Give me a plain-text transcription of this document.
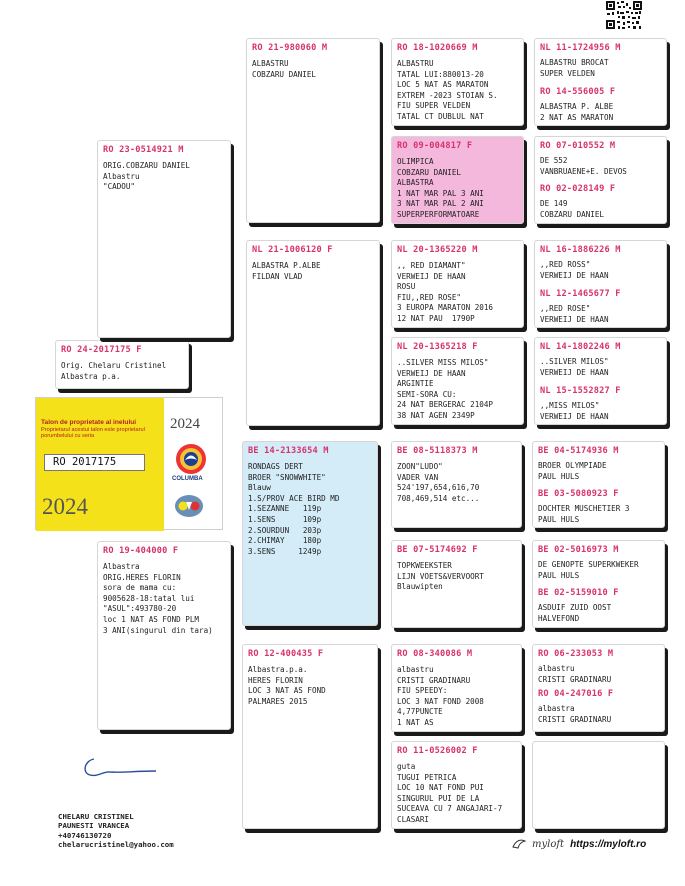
RO 24-2017175 F
Orig. Chelaru Cristinel
Albastra p.a.
RO 23-0514921 M
ORIG.COBZARU DANIEL
Albastru
"CADOU"
RO 19-404000 F
Albastra
ORIG.HERES FLORIN
sora de mama cu:
9005628-18:tatal lui
"ASUL":493780-20
loc 1 NAT AS FOND PLM
3 ANI(singurul din tara)
RO 21-980060 M
ALBASTRU
COBZARU DANIEL
NL 21-1006120 F
ALBASTRA P.ALBE
FILDAN VLAD
BE 14-2133654 M
RONDAGS DERT
BROER "SNOWWHITE"
Blauw
1.S/PROV ACE BIRD MD
1.SEZANNE   119p
1.SENS      109p
2.SOURDUN   203p
2.CHIMAY    180p
3.SENS     1249p
RO 12-400435 F
Albastra.p.a.
HERES FLORIN
LOC 3 NAT AS FOND
PALMARES 2015
RO 18-1020669 M
ALBASTRU
TATAL LUI:880013-20
LOC 5 NAT AS MARATON
EXTREM -2023 STOIAN S.
FIU SUPER VELDEN
TATAL CT DUBLUL NAT
RO 09-004817 F
OLIMPICA
COBZARU DANIEL
ALBASTRA
1 NAT MAR PAL 3 ANI
3 NAT MAR PAL 2 ANI
SUPERPERFORMATOARE
NL 20-1365220 M
,, RED DIAMANT"
VERWEIJ DE HAAN
ROSU
FIU,,RED ROSE"
3 EUROPA MARATON 2016
12 NAT PAU  1790P
NL 20-1365218 F
..SILVER MISS MILOS"
VERWEIJ DE HAAN
ARGINTIE
SEMI-SORA CU:
24 NAT BERGERAC 2104P
38 NAT AGEN 2349P
BE 08-5118373 M
ZOON"LUDO"
VADER VAN
524'197,654,616,70
708,469,514 etc...
BE 07-5174692 F
TOPKWEEKSTER
LIJN VOETS&VERVOORT
Blauwipten
RO 08-340086 M
albastru
CRISTI GRADINARU
FIU SPEEDY:
LOC 3 NAT FOND 2008
4,77PUNCTE
1 NAT AS
RO 11-0526002 F
guta
TUGUI PETRICA
LOC 10 NAT FOND PUI
SINGURUL PUI DE LA
SUCEAVA CU 7 ANGAJARI-7
CLASARI
NL 11-1724956 M
ALBASTRU BROCAT
SUPER VELDEN
RO 14-556005 F
ALBASTRA P. ALBE
2 NAT AS MARATON
RO 07-010552 M
DE 552
VANBRUAENE+E. DEVOS
RO 02-028149 F
DE 149
COBZARU DANIEL
NL 16-1886226 M
,,RED ROSS"
VERWEIJ DE HAAN
NL 12-1465677 F
,,RED ROSE"
VERWEIJ DE HAAN
NL 14-1802246 M
..SILVER MILOS"
VERWEIJ DE HAAN
NL 15-1552827 F
,,MISS MILOS"
VERWEIJ DE HAAN
BE 04-5174936 M
BROER OLYMPIADE
PAUL HULS
BE 03-5080923 F
DOCHTER MUSCHETIER 3
PAUL HULS
BE 02-5016973 M
DE GENOPTE SUPERKWEKER
PAUL HULS
BE 02-5159010 F
ASDUIF ZUID OOST
HALVEFOND
RO 06-233053 M
albastru
CRISTI GRADINARU
RO 04-247016 F
albastra
CRISTI GRADINARU
Talon de proprietate al inelului
Proprietarul acestui talon este proprietarul porumbelului cu seria
RO 2017175
2024
2024
COLUMBA
CHELARU CRISTINEL
PAUNESTI VRANCEA
+40746130720
chelarucristinel@yahoo.com	myloft https://myloft.ro
